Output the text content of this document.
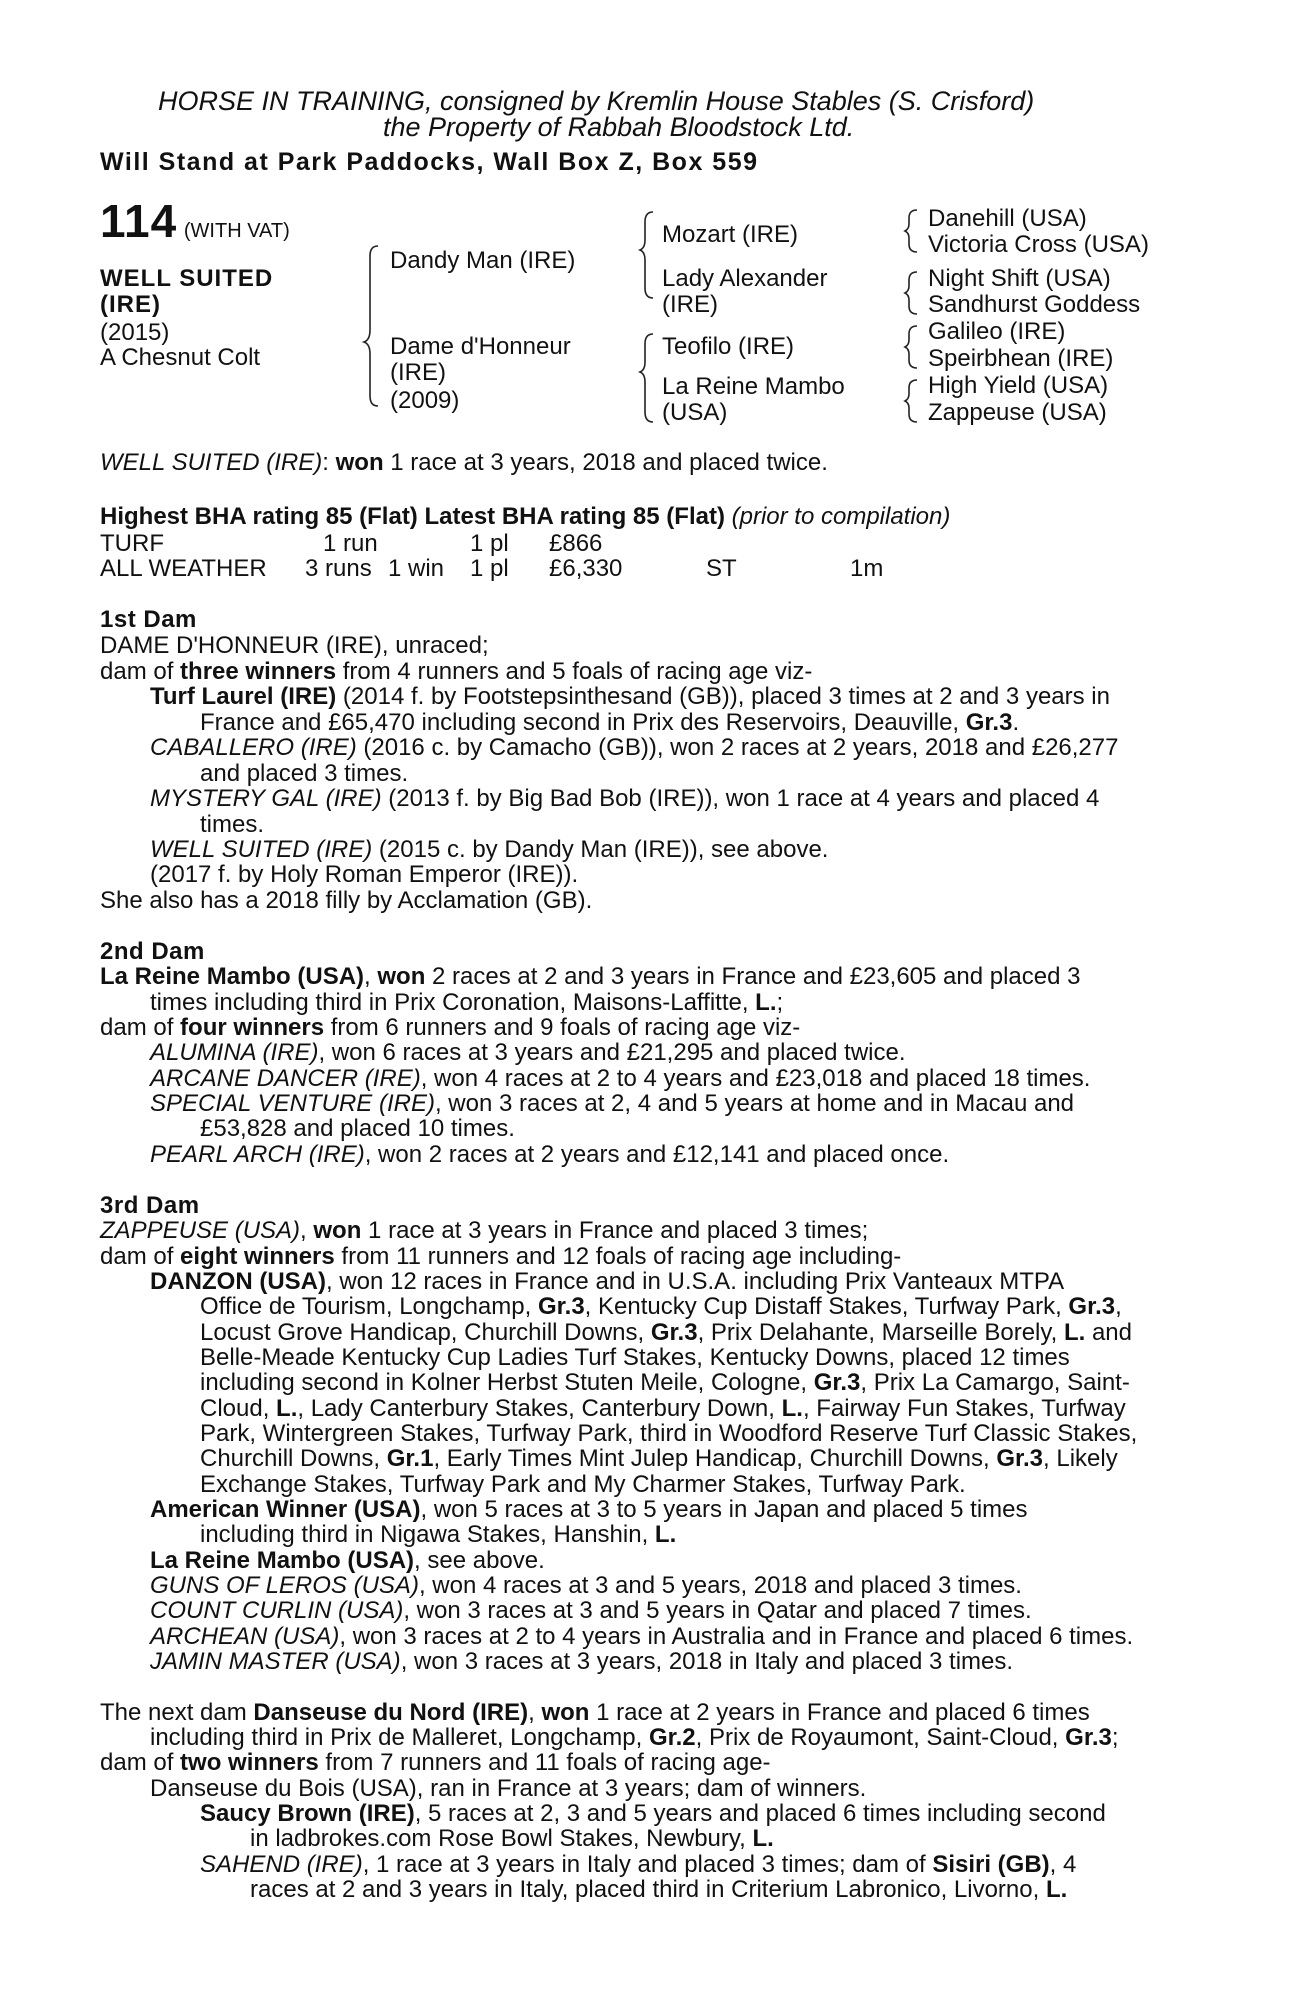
HORSE IN TRAINING, consigned by Kremlin House Stables (S. Crisford)
the Property of Rabbah Bloodstock Ltd.
Will Stand at Park Paddocks, Wall Box Z, Box 559
114 (WITH VAT)
WELL SUITED
(IRE)
(2015)
A Chesnut Colt
Dandy Man (IRE)
Dame d'Honneur
(IRE)
(2009)
Mozart (IRE)
Lady Alexander
(IRE)
Teofilo (IRE)
La Reine Mambo
(USA)
Danehill (USA)
Victoria Cross (USA)
Night Shift (USA)
Sandhurst Goddess
Galileo (IRE)
Speirbhean (IRE)
High Yield (USA)
Zappeuse (USA)
WELL SUITED (IRE): won 1 race at 3 years, 2018 and placed twice.
Highest BHA rating 85 (Flat) Latest BHA rating 85 (Flat) (prior to compilation)
TURF	1 run	1 pl £866
ALL WEATHER 3 runs 1 win 1 pl £6,330	ST	1m
1st Dam
DAME D'HONNEUR (IRE), unraced;
dam of three winners from 4 runners and 5 foals of racing age viz-
Turf Laurel (IRE) (2014 f. by Footstepsinthesand (GB)), placed 3 times at 2 and 3 years in
France and £65,470 including second in Prix des Reservoirs, Deauville, Gr.3.
CABALLERO (IRE) (2016 c. by Camacho (GB)), won 2 races at 2 years, 2018 and £26,277
and placed 3 times.
MYSTERY GAL (IRE) (2013 f. by Big Bad Bob (IRE)), won 1 race at 4 years and placed 4
times.
WELL SUITED (IRE) (2015 c. by Dandy Man (IRE)), see above.
(2017 f. by Holy Roman Emperor (IRE)).
She also has a 2018 filly by Acclamation (GB).
2nd Dam
La Reine Mambo (USA), won 2 races at 2 and 3 years in France and £23,605 and placed 3
times including third in Prix Coronation, Maisons-Laffitte, L.;
dam of four winners from 6 runners and 9 foals of racing age viz-
ALUMINA (IRE), won 6 races at 3 years and £21,295 and placed twice.
ARCANE DANCER (IRE), won 4 races at 2 to 4 years and £23,018 and placed 18 times.
SPECIAL VENTURE (IRE), won 3 races at 2, 4 and 5 years at home and in Macau and
£53,828 and placed 10 times.
PEARL ARCH (IRE), won 2 races at 2 years and £12,141 and placed once.
3rd Dam
ZAPPEUSE (USA), won 1 race at 3 years in France and placed 3 times;
dam of eight winners from 11 runners and 12 foals of racing age including-
DANZON (USA), won 12 races in France and in U.S.A. including Prix Vanteaux MTPA
Office de Tourism, Longchamp, Gr.3, Kentucky Cup Distaff Stakes, Turfway Park, Gr.3,
Locust Grove Handicap, Churchill Downs, Gr.3, Prix Delahante, Marseille Borely, L. and
Belle-Meade Kentucky Cup Ladies Turf Stakes, Kentucky Downs, placed 12 times
including second in Kolner Herbst Stuten Meile, Cologne, Gr.3, Prix La Camargo, Saint-
Cloud, L., Lady Canterbury Stakes, Canterbury Down, L., Fairway Fun Stakes, Turfway
Park, Wintergreen Stakes, Turfway Park, third in Woodford Reserve Turf Classic Stakes,
Churchill Downs, Gr.1, Early Times Mint Julep Handicap, Churchill Downs, Gr.3, Likely
Exchange Stakes, Turfway Park and My Charmer Stakes, Turfway Park.
American Winner (USA), won 5 races at 3 to 5 years in Japan and placed 5 times
including third in Nigawa Stakes, Hanshin, L.
La Reine Mambo (USA), see above.
GUNS OF LEROS (USA), won 4 races at 3 and 5 years, 2018 and placed 3 times.
COUNT CURLIN (USA), won 3 races at 3 and 5 years in Qatar and placed 7 times.
ARCHEAN (USA), won 3 races at 2 to 4 years in Australia and in France and placed 6 times.
JAMIN MASTER (USA), won 3 races at 3 years, 2018 in Italy and placed 3 times.
The next dam Danseuse du Nord (IRE), won 1 race at 2 years in France and placed 6 times
including third in Prix de Malleret, Longchamp, Gr.2, Prix de Royaumont, Saint-Cloud, Gr.3;
dam of two winners from 7 runners and 11 foals of racing age-
Danseuse du Bois (USA), ran in France at 3 years; dam of winners.
Saucy Brown (IRE), 5 races at 2, 3 and 5 years and placed 6 times including second
in ladbrokes.com Rose Bowl Stakes, Newbury, L.
SAHEND (IRE), 1 race at 3 years in Italy and placed 3 times; dam of Sisiri (GB), 4
races at 2 and 3 years in Italy, placed third in Criterium Labronico, Livorno, L.
